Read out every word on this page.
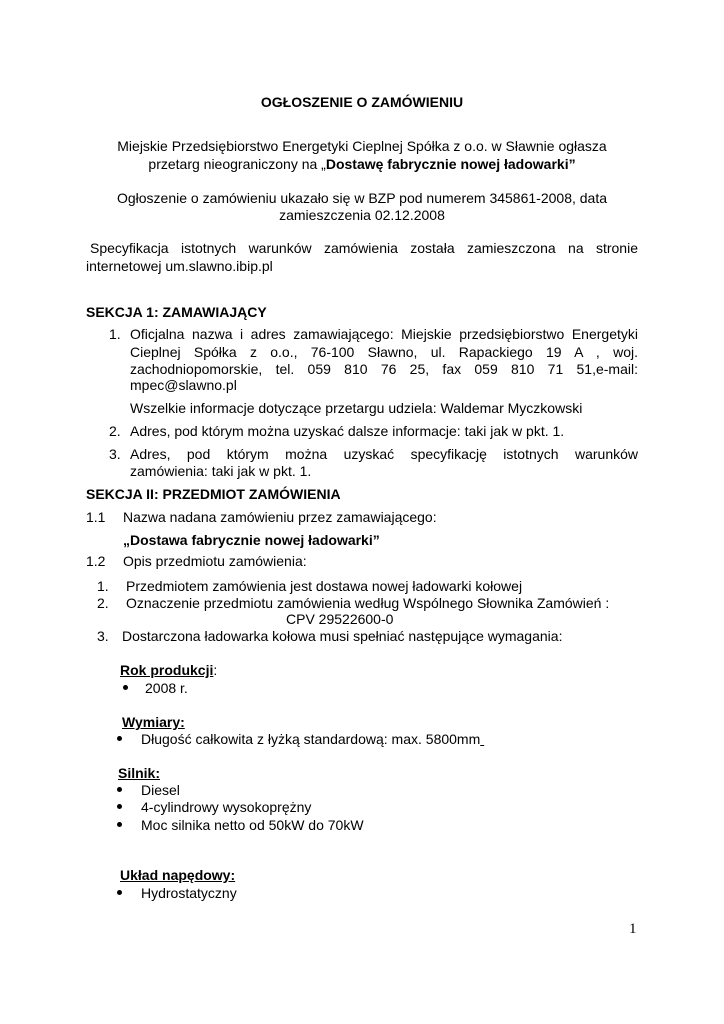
OGŁOSZENIE O ZAMÓWIENIU
Miejskie Przedsiębiorstwo Energetyki Cieplnej Spółka z o.o. w Sławnie ogłasza
przetarg nieograniczony na „Dostawę fabrycznie nowej ładowarki”
Ogłoszenie o zamówieniu ukazało się w BZP pod numerem 345861-2008, data
zamieszczenia 02.12.2008
Specyfikacja istotnych warunków zamówienia została zamieszczona na stronie
internetowej um.slawno.ibip.pl
SEKCJA 1: ZAMAWIAJĄCY
1. Oficjalna nazwa i adres zamawiającego: Miejskie przedsiębiorstwo Energetyki
Cieplnej Spółka z o.o., 76-100 Sławno, ul. Rapackiego 19 A , woj.
zachodniopomorskie, tel. 059 810 76 25, fax 059 810 71 51,e-mail:
mpec@slawno.pl
Wszelkie informacje dotyczące przetargu udziela: Waldemar Myczkowski
2. Adres, pod którym można uzyskać dalsze informacje: taki jak w pkt. 1.
3. Adres, pod którym można uzyskać specyfikację istotnych warunków
zamówienia: taki jak w pkt. 1.
SEKCJA II: PRZEDMIOT ZAMÓWIENIA
1.1 Nazwa nadana zamówieniu przez zamawiającego:
„Dostawa fabrycznie nowej ładowarki”
1.2 Opis przedmiotu zamówienia:
1. Przedmiotem zamówienia jest dostawa nowej ładowarki kołowej
2. Oznaczenie przedmiotu zamówienia według Wspólnego Słownika Zamówień :
CPV 29522600-0
3. Dostarczona ładowarka kołowa musi spełniać następujące wymagania:
Rok produkcji:
2008 r.
Wymiary:
Długość całkowita z łyżką standardową: max. 5800mm
Silnik:
Diesel
4-cylindrowy wysokoprężny
Moc silnika netto od 50kW do 70kW
Układ napędowy:
Hydrostatyczny
1
